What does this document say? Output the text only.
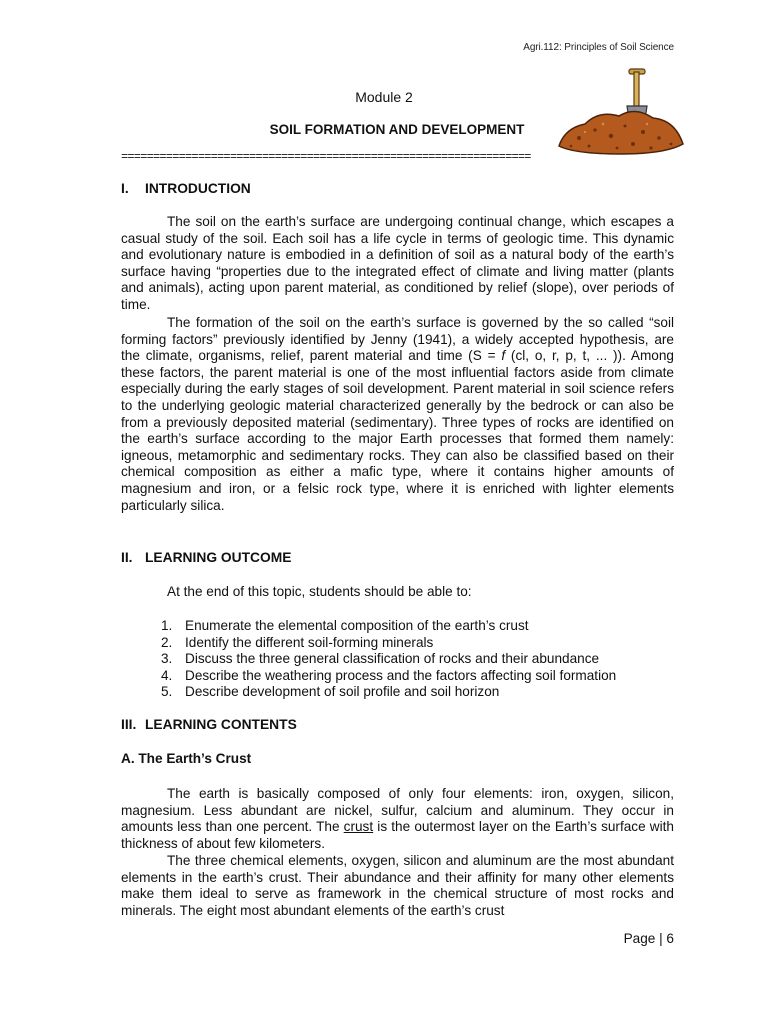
Agri.112: Principles of Soil Science
Module 2
SOIL FORMATION AND DEVELOPMENT
================================================================
I. INTRODUCTION

The soil on the earth’s surface are undergoing continual change, which escapes a casual study of the soil. Each soil has a life cycle in terms of geologic time. This dynamic and evolutionary nature is embodied in a definition of soil as a natural body of the earth’s surface having “properties due to the integrated effect of climate and living matter (plants and animals), acting upon parent material, as conditioned by relief (slope), over periods of time.

The formation of the soil on the earth’s surface is governed by the so called “soil forming factors” previously identified by Jenny (1941), a widely accepted hypothesis, are the climate, organisms, relief, parent material and time (S = f (cl, o, r, p, t, ... )). Among these factors, the parent material is one of the most influential factors aside from climate especially during the early stages of soil development. Parent material in soil science refers to the underlying geologic material characterized generally by the bedrock or can also be from a previously deposited material (sedimentary). Three types of rocks are identified on the earth’s surface according to the major Earth processes that formed them namely: igneous, metamorphic and sedimentary rocks. They can also be classified based on their chemical composition as either a mafic type, where it contains higher amounts of magnesium and iron, or a felsic rock type, where it is enriched with lighter elements particularly silica.

II. LEARNING OUTCOME
At the end of this topic, students should be able to:
1. Enumerate the elemental composition of the earth’s crust
2. Identify the different soil-forming minerals
3. Discuss the three general classification of rocks and their abundance
4. Describe the weathering process and the factors affecting soil formation
5. Describe development of soil profile and soil horizon
III. LEARNING CONTENTS
A. The Earth’s Crust

The earth is basically composed of only four elements: iron, oxygen, silicon, magnesium. Less abundant are nickel, sulfur, calcium and aluminum. They occur in amounts less than one percent. The crust is the outermost layer on the Earth’s surface with thickness of about few kilometers.

The three chemical elements, oxygen, silicon and aluminum are the most abundant elements in the earth’s crust. Their abundance and their affinity for many other elements make them ideal to serve as framework in the chemical structure of most rocks and minerals. The eight most abundant elements of the earth’s crust

Page | 6
